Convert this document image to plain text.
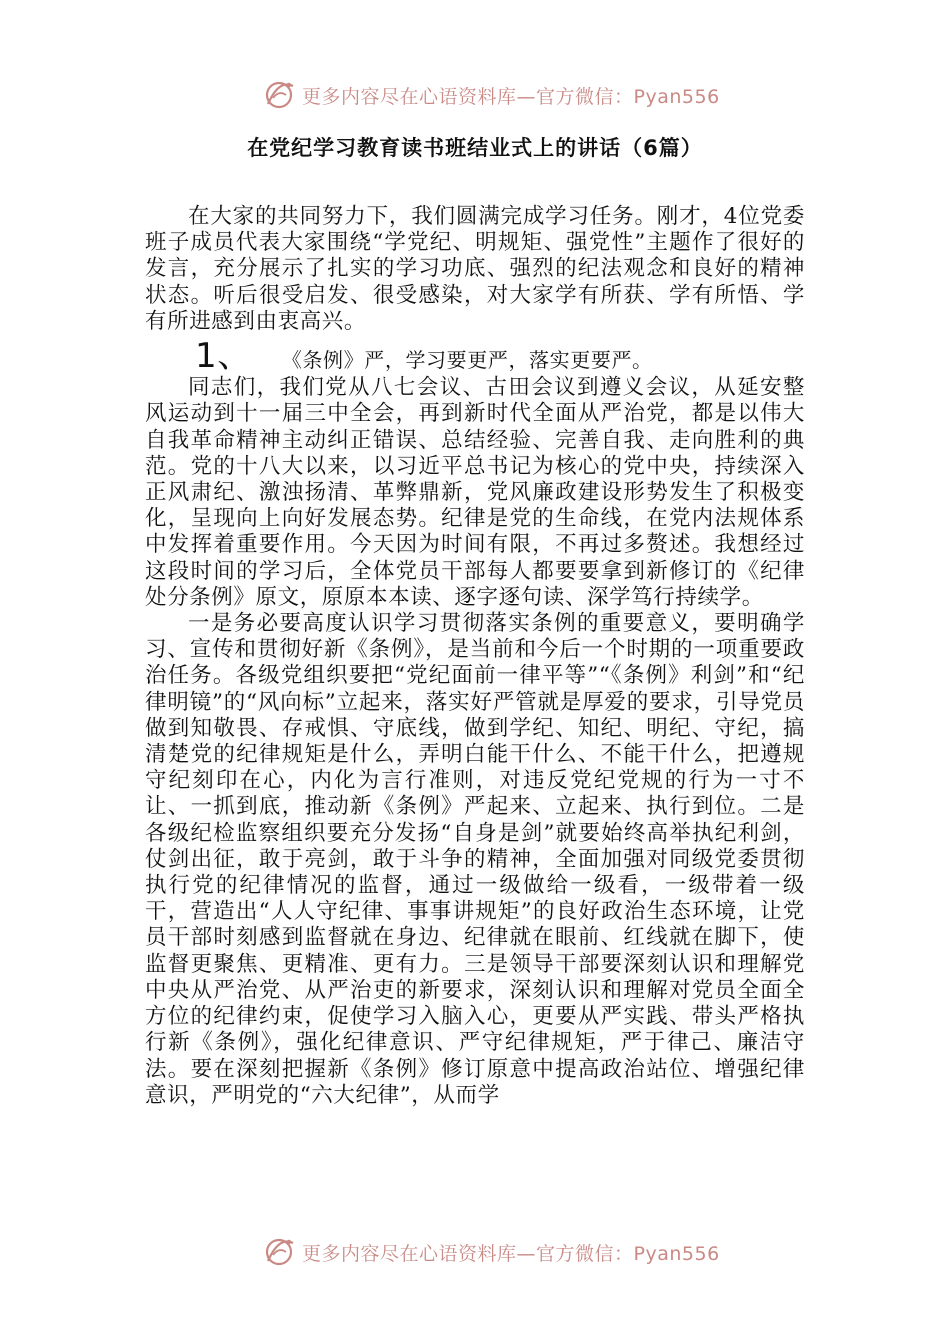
更多内容尽在心语资料库—官方微信：Pyan556
在党纪学习教育读书班结业式上的讲话（6篇）

在大家的共同努力下，我们圆满完成学习任务。刚才，4位党委班子成员代表大家围绕“学党纪、明规矩、强党性”主题作了很好的发言，充分展示了扎实的学习功底、强烈的纪法观念和良好的精神状态。听后很受启发、很受感染，对大家学有所获、学有所悟、学有所进感到由衷高兴。

1、 《条例》严，学习要更严，落实更要严。

同志们，我们党从八七会议、古田会议到遵义会议，从延安整风运动到十一届三中全会，再到新时代全面从严治党，都是以伟大自我革命精神主动纠正错误、总结经验、完善自我、走向胜利的典范。党的十八大以来，以习近平总书记为核心的党中央，持续深入正风肃纪、激浊扬清、革弊鼎新，党风廉政建设形势发生了积极变化，呈现向上向好发展态势。纪律是党的生命线，在党内法规体系中发挥着重要作用。今天因为时间有限，不再过多赘述。我想经过这段时间的学习后，全体党员干部每人都要要拿到新修订的《纪律处分条例》原文，原原本本读、逐字逐句读、深学笃行持续学。

一是务必要高度认识学习贯彻落实条例的重要意义，要明确学习、宣传和贯彻好新《条例》，是当前和今后一个时期的一项重要政治任务。各级党组织要把“党纪面前一律平等”“《条例》利剑”和“纪律明镜”的“风向标”立起来，落实好严管就是厚爱的要求，引导党员做到知敬畏、存戒惧、守底线，做到学纪、知纪、明纪、守纪，搞清楚党的纪律规矩是什么，弄明白能干什么、不能干什么，把遵规守纪刻印在心，内化为言行准则，对违反党纪党规的行为一寸不让、一抓到底，推动新《条例》严起来、立起来、执行到位。二是各级纪检监察组织要充分发扬“自身是剑”就要始终高举执纪利剑，仗剑出征，敢于亮剑，敢于斗争的精神，全面加强对同级党委贯彻执行党的纪律情况的监督，通过一级做给一级看，一级带着一级干，营造出“人人守纪律、事事讲规矩”的良好政治生态环境，让党员干部时刻感到监督就在身边、纪律就在眼前、红线就在脚下，使监督更聚焦、更精准、更有力。三是领导干部要深刻认识和理解党中央从严治党、从严治吏的新要求，深刻认识和理解对党员全面全方位的纪律约束，促使学习入脑入心，更要从严实践、带头严格执行新《条例》，强化纪律意识、严守纪律规矩，严于律己、廉洁守法。要在深刻把握新《条例》修订原意中提高政治站位、增强纪律意识，严明党的“六大纪律”，从而学

更多内容尽在心语资料库—官方微信：Pyan556
